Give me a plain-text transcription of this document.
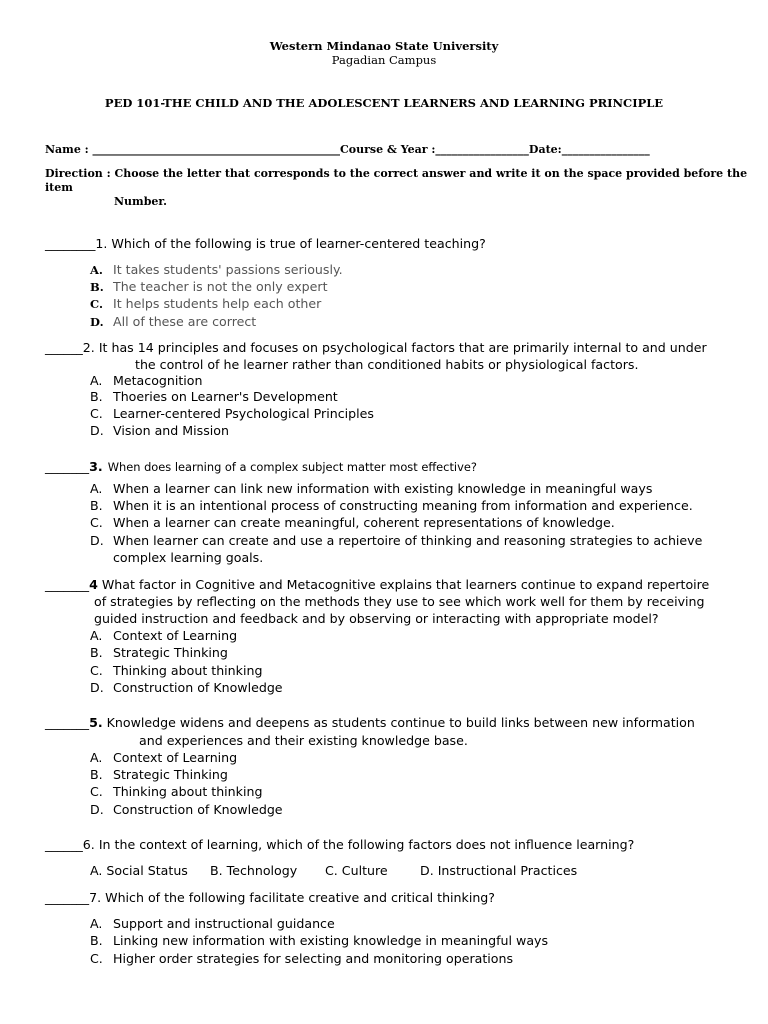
Western Mindanao State University
Pagadian Campus
PED 101-THE CHILD AND THE ADOLESCENT LEARNERS AND LEARNING PRINCIPLE
Name : _____________________________________________Course & Year :_________________Date:________________
Direction : Choose the letter that corresponds to the correct answer and write it on the space provided before the
item
Number.
________1. Which of the following is true of learner-centered teaching?
A. It takes students' passions seriously.
B. The teacher is not the only expert
C. It helps students help each other
D. All of these are correct
______2. It has 14 principles and focuses on psychological factors that are primarily internal to and under
the control of he learner rather than conditioned habits or physiological factors.
A. Metacognition
B. Thoeries on Learner's Development
C. Learner-centered Psychological Principles
D. Vision and Mission
_______3. When does learning of a complex subject matter most effective?
A. When a learner can link new information with existing knowledge in meaningful ways
B. When it is an intentional process of constructing meaning from information and experience.
C. When a learner can create meaningful, coherent representations of knowledge.
D. When learner can create and use a repertoire of thinking and reasoning strategies to achieve
complex learning goals.
_______4 What factor in Cognitive and Metacognitive explains that learners continue to expand repertoire
of strategies by reflecting on the methods they use to see which work well for them by receiving
guided instruction and feedback and by observing or interacting with appropriate model?
A. Context of Learning
B. Strategic Thinking
C. Thinking about thinking
D. Construction of Knowledge
_______5. Knowledge widens and deepens as students continue to build links between new information
and experiences and their existing knowledge base.
A. Context of Learning
B. Strategic Thinking
C. Thinking about thinking
D. Construction of Knowledge
______6. In the context of learning, which of the following factors does not influence learning?
A. Social Status B. Technology C. Culture	D. Instructional Practices
_______7. Which of the following facilitate creative and critical thinking?
A. Support and instructional guidance
B. Linking new information with existing knowledge in meaningful ways
C. Higher order strategies for selecting and monitoring operations
